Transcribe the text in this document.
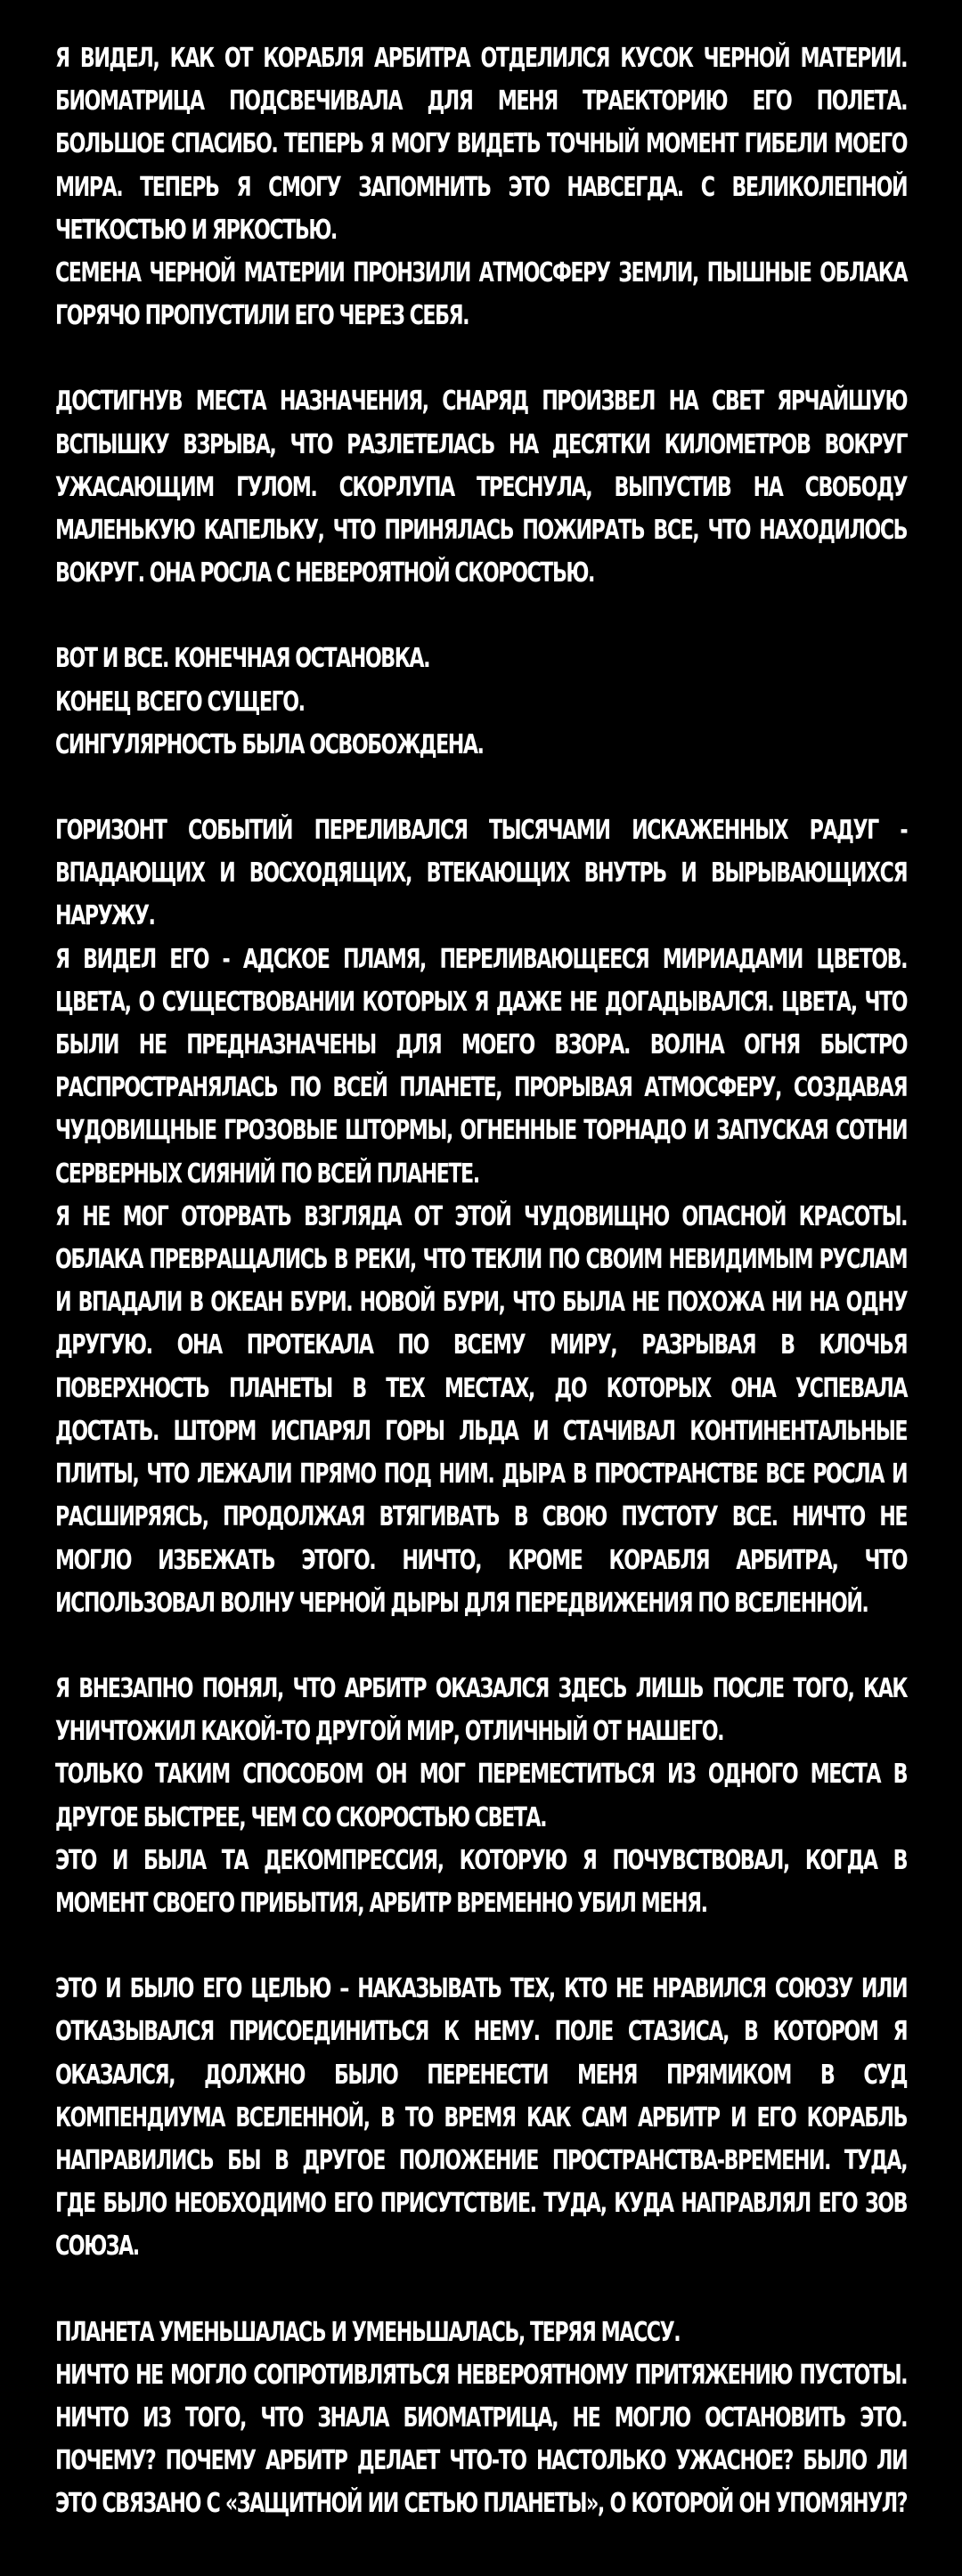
Я ВИДЕЛ, КАК ОТ КОРАБЛЯ АРБИТРА ОТДЕЛИЛСЯ КУСОК ЧЕРНОЙ МАТЕРИИ.
БИОМАТРИЦА ПОДСВЕЧИВАЛА ДЛЯ МЕНЯ ТРАЕКТОРИЮ ЕГО ПОЛЕТА.
БОЛЬШОЕ СПАСИБО. ТЕПЕРЬ Я МОГУ ВИДЕТЬ ТОЧНЫЙ МОМЕНТ ГИБЕЛИ МОЕГО
МИРА. ТЕПЕРЬ Я СМОГУ ЗАПОМНИТЬ ЭТО НАВСЕГДА. С ВЕЛИКОЛЕПНОЙ
ЧЕТКОСТЬЮ И ЯРКОСТЬЮ.
СЕМЕНА ЧЕРНОЙ МАТЕРИИ ПРОНЗИЛИ АТМОСФЕРУ ЗЕМЛИ, ПЫШНЫЕ ОБЛАКА
ГОРЯЧО ПРОПУСТИЛИ ЕГО ЧЕРЕЗ СЕБЯ.
ДОСТИГНУВ МЕСТА НАЗНАЧЕНИЯ, СНАРЯД ПРОИЗВЕЛ НА СВЕТ ЯРЧАЙШУЮ
ВСПЫШКУ ВЗРЫВА, ЧТО РАЗЛЕТЕЛАСЬ НА ДЕСЯТКИ КИЛОМЕТРОВ ВОКРУГ
УЖАСАЮЩИМ ГУЛОМ. СКОРЛУПА ТРЕСНУЛА, ВЫПУСТИВ НА СВОБОДУ
МАЛЕНЬКУЮ КАПЕЛЬКУ, ЧТО ПРИНЯЛАСЬ ПОЖИРАТЬ ВСЕ, ЧТО НАХОДИЛОСЬ
ВОКРУГ. ОНА РОСЛА С НЕВЕРОЯТНОЙ СКОРОСТЬЮ.
ВОТ И ВСЕ. КОНЕЧНАЯ ОСТАНОВКА.
КОНЕЦ ВСЕГО СУЩЕГО.
СИНГУЛЯРНОСТЬ БЫЛА ОСВОБОЖДЕНА.
ГОРИЗОНТ СОБЫТИЙ ПЕРЕЛИВАЛСЯ ТЫСЯЧАМИ ИСКАЖЕННЫХ РАДУГ -
ВПАДАЮЩИХ И ВОСХОДЯЩИХ, ВТЕКАЮЩИХ ВНУТРЬ И ВЫРЫВАЮЩИХСЯ
НАРУЖУ.
Я ВИДЕЛ ЕГО - АДСКОЕ ПЛАМЯ, ПЕРЕЛИВАЮЩЕЕСЯ МИРИАДАМИ ЦВЕТОВ.
ЦВЕТА, О СУЩЕСТВОВАНИИ КОТОРЫХ Я ДАЖЕ НЕ ДОГАДЫВАЛСЯ. ЦВЕТА, ЧТО
БЫЛИ НЕ ПРЕДНАЗНАЧЕНЫ ДЛЯ МОЕГО ВЗОРА. ВОЛНА ОГНЯ БЫСТРО
РАСПРОСТРАНЯЛАСЬ ПО ВСЕЙ ПЛАНЕТЕ, ПРОРЫВАЯ АТМОСФЕРУ, СОЗДАВАЯ
ЧУДОВИЩНЫЕ ГРОЗОВЫЕ ШТОРМЫ, ОГНЕННЫЕ ТОРНАДО И ЗАПУСКАЯ СОТНИ
СЕРВЕРНЫХ СИЯНИЙ ПО ВСЕЙ ПЛАНЕТЕ.
Я НЕ МОГ ОТОРВАТЬ ВЗГЛЯДА ОТ ЭТОЙ ЧУДОВИЩНО ОПАСНОЙ КРАСОТЫ.
ОБЛАКА ПРЕВРАЩАЛИСЬ В РЕКИ, ЧТО ТЕКЛИ ПО СВОИМ НЕВИДИМЫМ РУСЛАМ
И ВПАДАЛИ В ОКЕАН БУРИ. НОВОЙ БУРИ, ЧТО БЫЛА НЕ ПОХОЖА НИ НА ОДНУ
ДРУГУЮ. ОНА ПРОТЕКАЛА ПО ВСЕМУ МИРУ, РАЗРЫВАЯ В КЛОЧЬЯ
ПОВЕРХНОСТЬ ПЛАНЕТЫ В ТЕХ МЕСТАХ, ДО КОТОРЫХ ОНА УСПЕВАЛА
ДОСТАТЬ. ШТОРМ ИСПАРЯЛ ГОРЫ ЛЬДА И СТАЧИВАЛ КОНТИНЕНТАЛЬНЫЕ
ПЛИТЫ, ЧТО ЛЕЖАЛИ ПРЯМО ПОД НИМ. ДЫРА В ПРОСТРАНСТВЕ ВСЕ РОСЛА И
РАСШИРЯЯСЬ, ПРОДОЛЖАЯ ВТЯГИВАТЬ В СВОЮ ПУСТОТУ ВСЕ. НИЧТО НЕ
МОГЛО ИЗБЕЖАТЬ ЭТОГО. НИЧТО, КРОМЕ КОРАБЛЯ АРБИТРА, ЧТО
ИСПОЛЬЗОВАЛ ВОЛНУ ЧЕРНОЙ ДЫРЫ ДЛЯ ПЕРЕДВИЖЕНИЯ ПО ВСЕЛЕННОЙ.
Я ВНЕЗАПНО ПОНЯЛ, ЧТО АРБИТР ОКАЗАЛСЯ ЗДЕСЬ ЛИШЬ ПОСЛЕ ТОГО, КАК
УНИЧТОЖИЛ КАКОЙ-ТО ДРУГОЙ МИР, ОТЛИЧНЫЙ ОТ НАШЕГО.
ТОЛЬКО ТАКИМ СПОСОБОМ ОН МОГ ПЕРЕМЕСТИТЬСЯ ИЗ ОДНОГО МЕСТА В
ДРУГОЕ БЫСТРЕЕ, ЧЕМ СО СКОРОСТЬЮ СВЕТА.
ЭТО И БЫЛА ТА ДЕКОМПРЕССИЯ, КОТОРУЮ Я ПОЧУВСТВОВАЛ, КОГДА В
МОМЕНТ СВОЕГО ПРИБЫТИЯ, АРБИТР ВРЕМЕННО УБИЛ МЕНЯ.
ЭТО И БЫЛО ЕГО ЦЕЛЬЮ – НАКАЗЫВАТЬ ТЕХ, КТО НЕ НРАВИЛСЯ СОЮЗУ ИЛИ
ОТКАЗЫВАЛСЯ ПРИСОЕДИНИТЬСЯ К НЕМУ. ПОЛЕ СТАЗИСА, В КОТОРОМ Я
ОКАЗАЛСЯ, ДОЛЖНО БЫЛО ПЕРЕНЕСТИ МЕНЯ ПРЯМИКОМ В СУД
КОМПЕНДИУМА ВСЕЛЕННОЙ, В ТО ВРЕМЯ КАК САМ АРБИТР И ЕГО КОРАБЛЬ
НАПРАВИЛИСЬ БЫ В ДРУГОЕ ПОЛОЖЕНИЕ ПРОСТРАНСТВА-ВРЕМЕНИ. ТУДА,
ГДЕ БЫЛО НЕОБХОДИМО ЕГО ПРИСУТСТВИЕ. ТУДА, КУДА НАПРАВЛЯЛ ЕГО ЗОВ
СОЮЗА.
ПЛАНЕТА УМЕНЬШАЛАСЬ И УМЕНЬШАЛАСЬ, ТЕРЯЯ МАССУ.
НИЧТО НЕ МОГЛО СОПРОТИВЛЯТЬСЯ НЕВЕРОЯТНОМУ ПРИТЯЖЕНИЮ ПУСТОТЫ.
НИЧТО ИЗ ТОГО, ЧТО ЗНАЛА БИОМАТРИЦА, НЕ МОГЛО ОСТАНОВИТЬ ЭТО.
ПОЧЕМУ? ПОЧЕМУ АРБИТР ДЕЛАЕТ ЧТО-ТО НАСТОЛЬКО УЖАСНОЕ? БЫЛО ЛИ
ЭТО СВЯЗАНО С «ЗАЩИТНОЙ ИИ СЕТЬЮ ПЛАНЕТЫ», О КОТОРОЙ ОН УПОМЯНУЛ?
